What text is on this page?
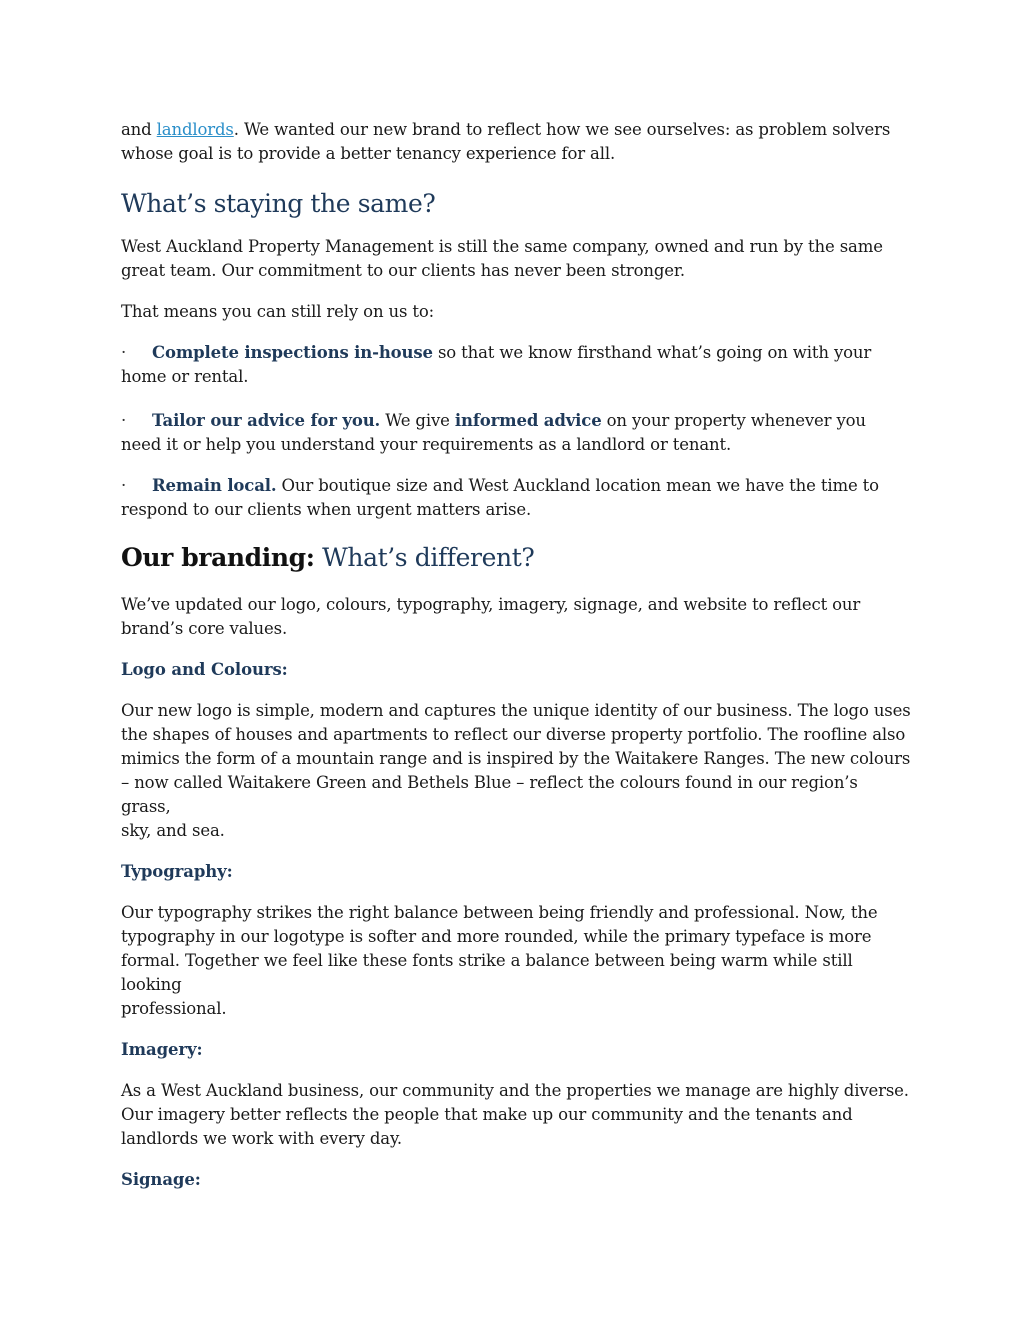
and landlords. We wanted our new brand to reflect how we see ourselves: as problem solvers
whose goal is to provide a better tenancy experience for all.

What’s staying the same?

West Auckland Property Management is still the same company, owned and run by the same
great team. Our commitment to our clients has never been stronger.

That means you can still rely on us to:

· Complete inspections in-house so that we know firsthand what’s going on with your
home or rental.

· Tailor our advice for you. We give informed advice on your property whenever you
need it or help you understand your requirements as a landlord or tenant.

· Remain local. Our boutique size and West Auckland location mean we have the time to
respond to our clients when urgent matters arise.

Our branding: What’s different?

We’ve updated our logo, colours, typography, imagery, signage, and website to reflect our
brand’s core values.

Logo and Colours:

Our new logo is simple, modern and captures the unique identity of our business. The logo uses
the shapes of houses and apartments to reflect our diverse property portfolio. The roofline also
mimics the form of a mountain range and is inspired by the Waitakere Ranges. The new colours
– now called Waitakere Green and Bethels Blue – reflect the colours found in our region’s grass,
sky, and sea.

Typography:

Our typography strikes the right balance between being friendly and professional. Now, the
typography in our logotype is softer and more rounded, while the primary typeface is more
formal. Together we feel like these fonts strike a balance between being warm while still looking
professional.

Imagery:

As a West Auckland business, our community and the properties we manage are highly diverse.
Our imagery better reflects the people that make up our community and the tenants and
landlords we work with every day.

Signage:
